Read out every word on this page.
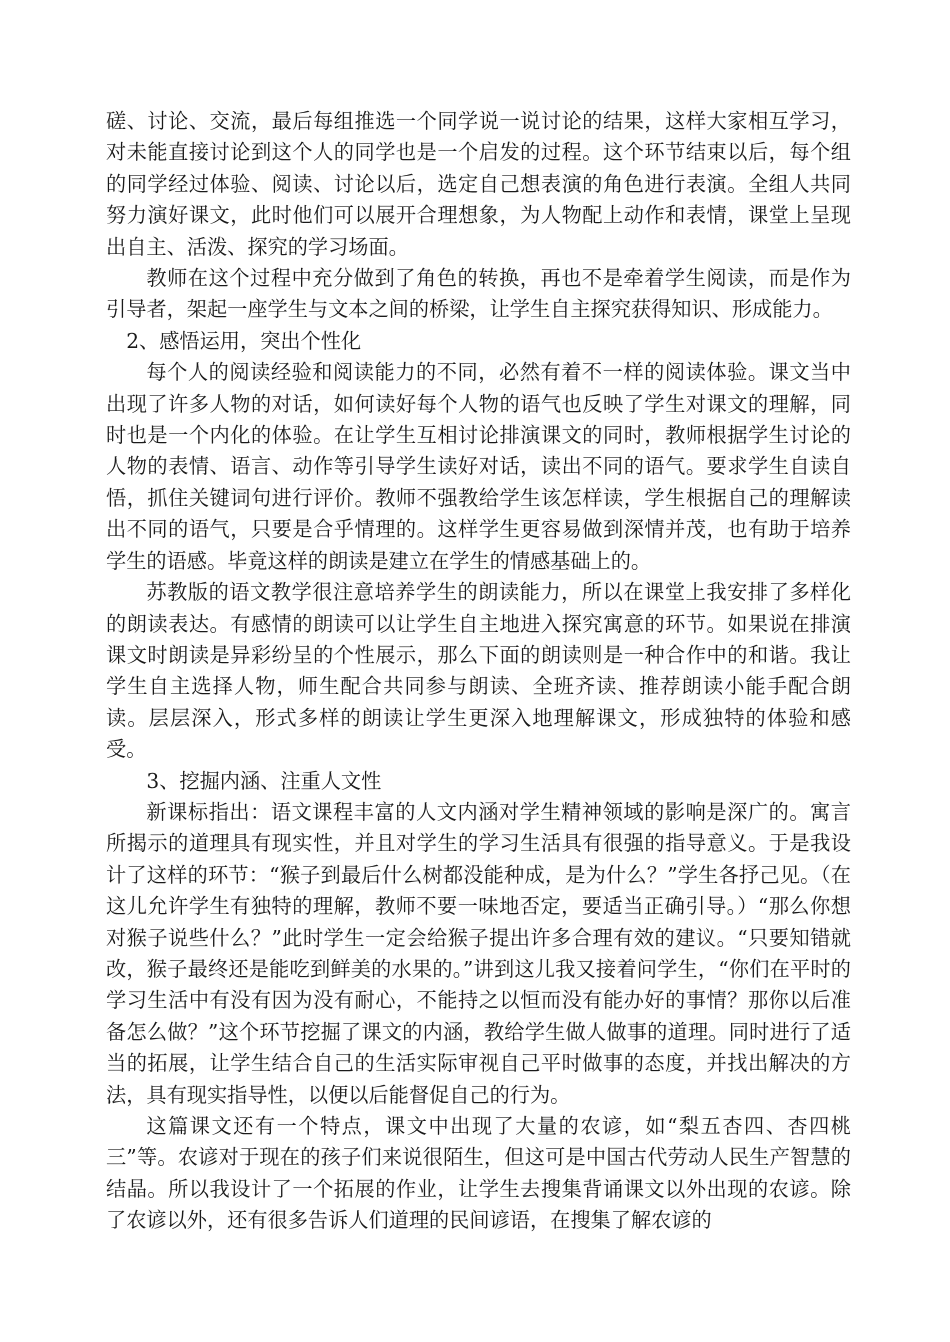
磋、讨论、交流，最后每组推选一个同学说一说讨论的结果，这样大家相互学习，对未能直接讨论到这个人的同学也是一个启发的过程。这个环节结束以后，每个组的同学经过体验、阅读、讨论以后，选定自己想表演的角色进行表演。全组人共同努力演好课文，此时他们可以展开合理想象，为人物配上动作和表情，课堂上呈现出自主、活泼、探究的学习场面。

教师在这个过程中充分做到了角色的转换，再也不是牵着学生阅读，而是作为引导者，架起一座学生与文本之间的桥梁，让学生自主探究获得知识、形成能力。

2、感悟运用，突出个性化

每个人的阅读经验和阅读能力的不同，必然有着不一样的阅读体验。课文当中出现了许多人物的对话，如何读好每个人物的语气也反映了学生对课文的理解，同时也是一个内化的体验。在让学生互相讨论排演课文的同时，教师根据学生讨论的人物的表情、语言、动作等引导学生读好对话，读出不同的语气。要求学生自读自悟，抓住关键词句进行评价。教师不强教给学生该怎样读，学生根据自己的理解读出不同的语气，只要是合乎情理的。这样学生更容易做到深情并茂，也有助于培养学生的语感。毕竟这样的朗读是建立在学生的情感基础上的。

苏教版的语文教学很注意培养学生的朗读能力，所以在课堂上我安排了多样化的朗读表达。有感情的朗读可以让学生自主地进入探究寓意的环节。如果说在排演课文时朗读是异彩纷呈的个性展示，那么下面的朗读则是一种合作中的和谐。我让学生自主选择人物，师生配合共同参与朗读、全班齐读、推荐朗读小能手配合朗读。层层深入，形式多样的朗读让学生更深入地理解课文，形成独特的体验和感受。

3、挖掘内涵、注重人文性

新课标指出：语文课程丰富的人文内涵对学生精神领域的影响是深广的。寓言所揭示的道理具有现实性，并且对学生的学习生活具有很强的指导意义。于是我设计了这样的环节：“猴子到最后什么树都没能种成，是为什么？”学生各抒己见。（在这儿允许学生有独特的理解，教师不要一味地否定，要适当正确引导。）“那么你想对猴子说些什么？”此时学生一定会给猴子提出许多合理有效的建议。“只要知错就改，猴子最终还是能吃到鲜美的水果的。”讲到这儿我又接着问学生，“你们在平时的学习生活中有没有因为没有耐心，不能持之以恒而没有能办好的事情？那你以后准备怎么做？”这个环节挖掘了课文的内涵，教给学生做人做事的道理。同时进行了适当的拓展，让学生结合自己的生活实际审视自己平时做事的态度，并找出解决的方法，具有现实指导性，以便以后能督促自己的行为。

这篇课文还有一个特点，课文中出现了大量的农谚，如“梨五杏四、杏四桃三”等。农谚对于现在的孩子们来说很陌生，但这可是中国古代劳动人民生产智慧的结晶。所以我设计了一个拓展的作业，让学生去搜集背诵课文以外出现的农谚。除了农谚以外，还有很多告诉人们道理的民间谚语，在搜集了解农谚的
